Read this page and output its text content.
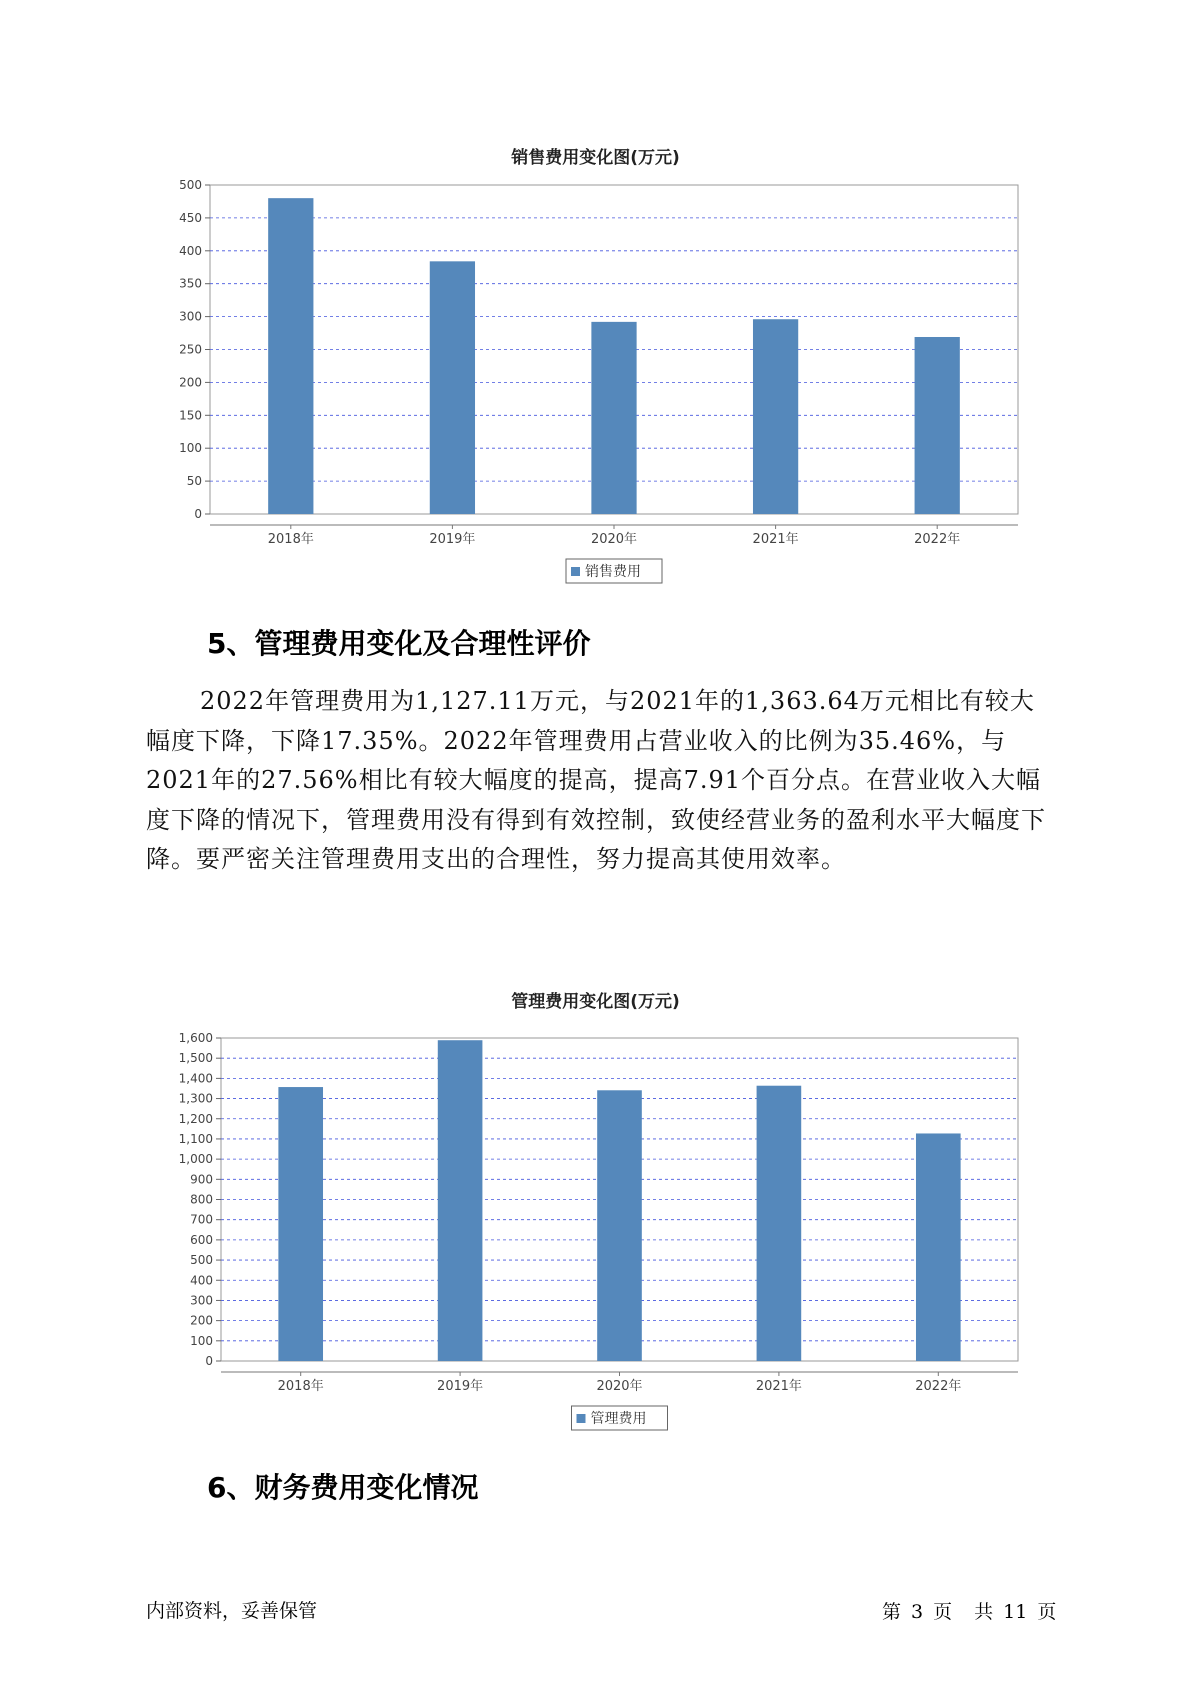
销售费用变化图(万元)
0
50
100
150
200
250
300
350
400
450
500
2018年	2019年	2020年	2021年	2022年
销售费用
5、管理费用变化及合理性评价

2022年管理费用为1,127.11万元，与2021年的1,363.64万元相比有较大幅度下降，下降17.35%。2022年管理费用占营业收入的比例为35.46%，与2021年的27.56%相比有较大幅度的提高，提高7.91个百分点。在营业收入大幅度下降的情况下，管理费用没有得到有效控制，致使经营业务的盈利水平大幅度下降。要严密关注管理费用支出的合理性，努力提高其使用效率。

管理费用变化图(万元)
0
100
200
300
400
500
600
700
800
900
1,000
1,100
1,200
1,300
1,400
1,500
1,600
2018年	2019年	2020年	2021年	2022年
管理费用
6、财务费用变化情况
内部资料，妥善保管	第 3 页 共 11 页
